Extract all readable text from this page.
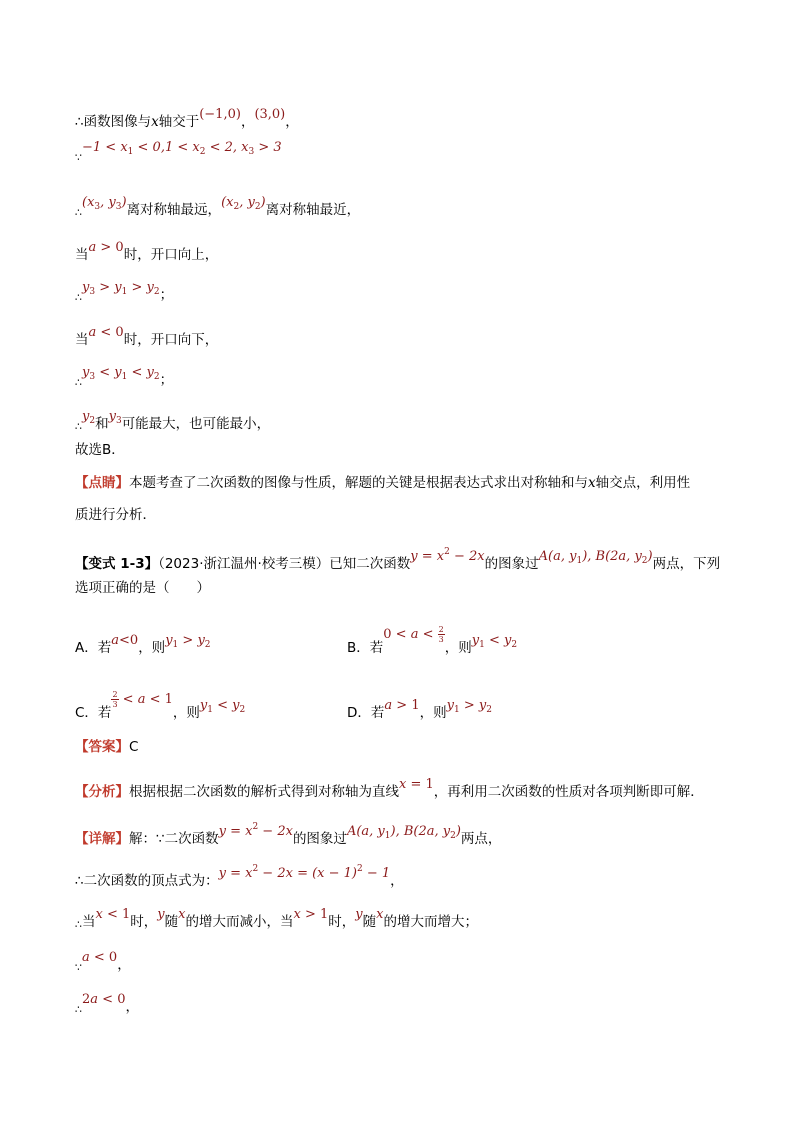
∴函数图像与x轴交于(−1,0)，(3,0)，
∵−1 < $x_1 < 0,1 < x_2 < 2$, $x_3 > 3$
$\therefore(x_3$, $y_3$)离对称轴最远，($x_2$, $y_2$)离对称轴最近，
当a > 0时，开口向上，
$\therefore y_3 > y_1 > y_2$；
当a < 0时，开口向下，
$\therefore y_3 < y_1 < y_2$；
$\therefore y_2$和$y_3$可能最大，也可能最小，
故选B．
【点睛】本题考查了二次函数的图像与性质，解题的关键是根据表达式求出对称轴和与x轴交点，利用性
质进行分析．
【变式 1-3】（2023·浙江温州·校考三模）已知二次函数$y = x^2 - 2x$的图象过A(a, $y_1$), B(2a, $y_2$)两点，下列
选项正确的是（　　）
A．若a<0，则$y_1 > y_2$	B．若$0 < a < \frac{2}{3}$
，则$y_1 < y_2$
C．若
$\frac{2}{3} < a < 1$，则$y_1 < y_2$	D．若a > 1，则$y_1 > y_2$
【答案】C
【分析】根据根据二次函数的解析式得到对称轴为直线x = 1，再利用二次函数的性质对各项判断即可解．
【详解】解：∵二次函数$y = x^2 - 2x$的图象过A(a, $y_1$), B(2a, $y_2$)两点，
∴二次函数的顶点式为：$y = x^2 - 2x = (x - 1)^2 - 1$，
∴当x < 1时，y随x的增大而减小，当x > 1时，y随x的增大而增大；
∵a < 0，
∴2a < 0，
